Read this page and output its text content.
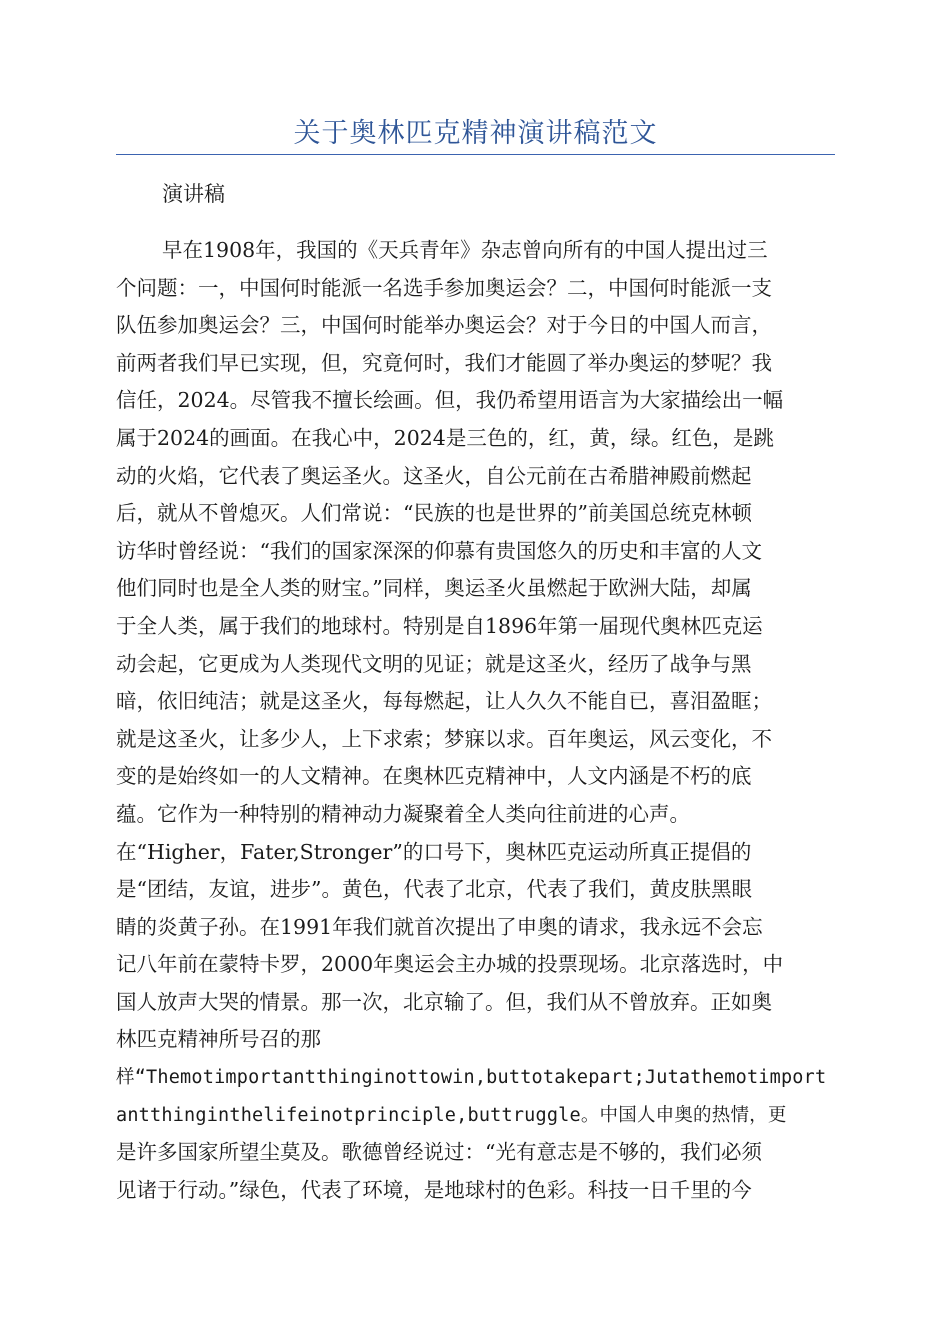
关于奥林匹克精神演讲稿范文
演讲稿
早在1908年，我国的《天兵青年》杂志曾向所有的中国人提出过三
个问题：一，中国何时能派一名选手参加奥运会？二，中国何时能派一支
队伍参加奥运会？三，中国何时能举办奥运会？对于今日的中国人而言，
前两者我们早已实现，但，究竟何时，我们才能圆了举办奥运的梦呢？我
信任，2024。尽管我不擅长绘画。但，我仍希望用语言为大家描绘出一幅
属于2024的画面。在我心中，2024是三色的，红，黄，绿。红色，是跳
动的火焰，它代表了奥运圣火。这圣火，自公元前在古希腊神殿前燃起
后，就从不曾熄灭。人们常说：“民族的也是世界的”前美国总统克林顿
访华时曾经说：“我们的国家深深的仰慕有贵国悠久的历史和丰富的人文
他们同时也是全人类的财宝。”同样，奥运圣火虽燃起于欧洲大陆，却属
于全人类，属于我们的地球村。特别是自1896年第一届现代奥林匹克运
动会起，它更成为人类现代文明的见证；就是这圣火，经历了战争与黑
暗，依旧纯洁；就是这圣火，每每燃起，让人久久不能自已，喜泪盈眶；
就是这圣火，让多少人，上下求索；梦寐以求。百年奥运，风云变化，不
变的是始终如一的人文精神。在奥林匹克精神中，人文内涵是不朽的底
蕴。它作为一种特别的精神动力凝聚着全人类向往前进的心声。
在“Higher，Fater,Stronger”的口号下，奥林匹克运动所真正提倡的
是“团结，友谊，进步”。黄色，代表了北京，代表了我们，黄皮肤黑眼
睛的炎黄子孙。在1991年我们就首次提出了申奥的请求，我永远不会忘
记八年前在蒙特卡罗，2000年奥运会主办城的投票现场。北京落选时，中
国人放声大哭的情景。那一次，北京输了。但，我们从不曾放弃。正如奥
林匹克精神所号召的那
样“Themotimportantthinginottowin,buttotakepart;Jutathemotimport
antthinginthelifeinotprinciple,buttruggle。中国人申奥的热情，更
是许多国家所望尘莫及。歌德曾经说过：“光有意志是不够的，我们必须
见诸于行动。”绿色，代表了环境，是地球村的色彩。科技一日千里的今
